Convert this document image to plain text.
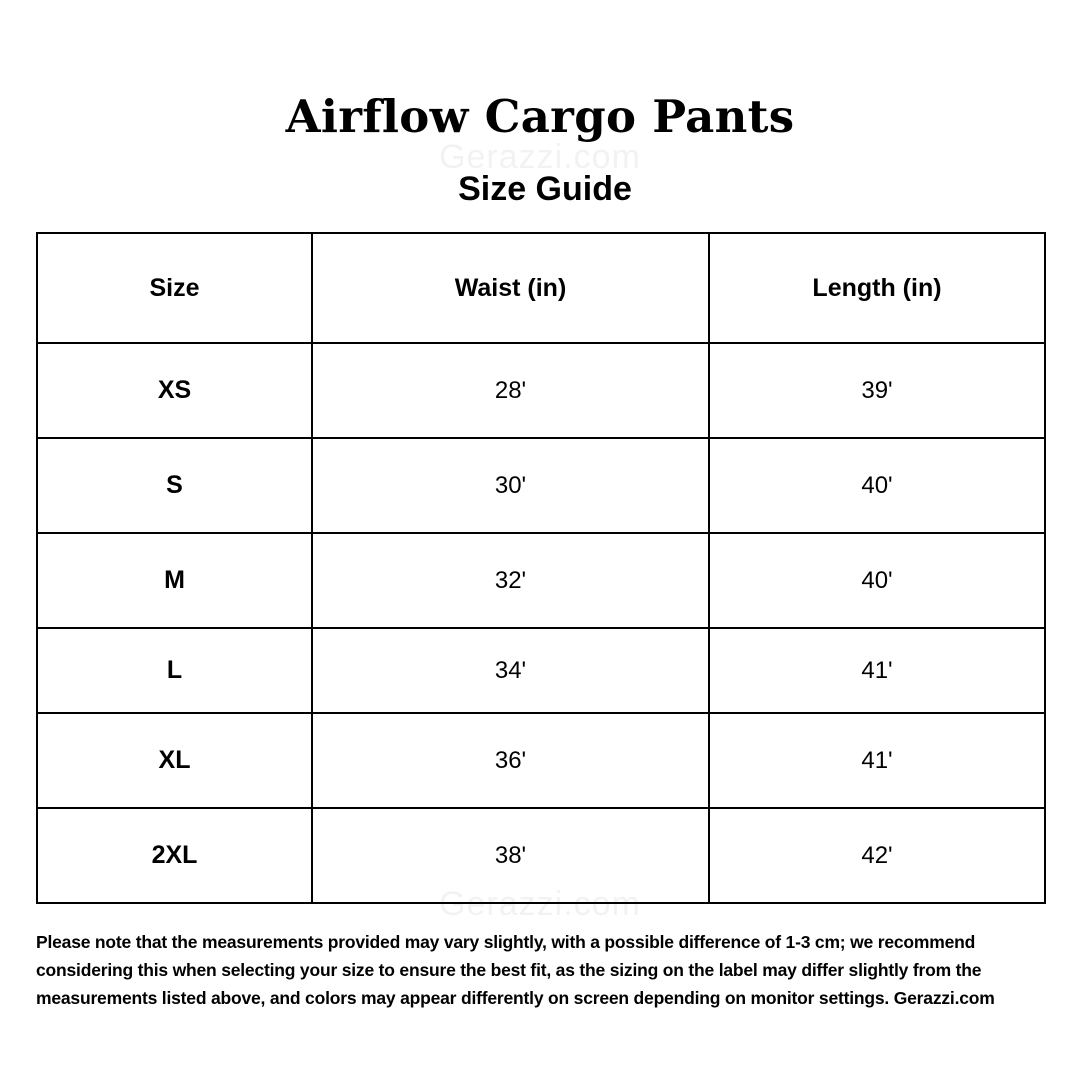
Airflow Cargo Pants
Gerazzi.com
Size Guide
Size	Waist (in)	Length (in)
XS	28'	39'
S	30'	40'
M	32'	40'
L	34'	41'
XL	36'	41'
2XL	38'	42'
Gerazzi.com

Please note that the measurements provided may vary slightly, with a possible difference of 1-3 cm; we recommend considering this when selecting your size to ensure the best fit, as the sizing on the label may differ slightly from the measurements listed above, and colors may appear differently on screen depending on monitor settings. Gerazzi.com
